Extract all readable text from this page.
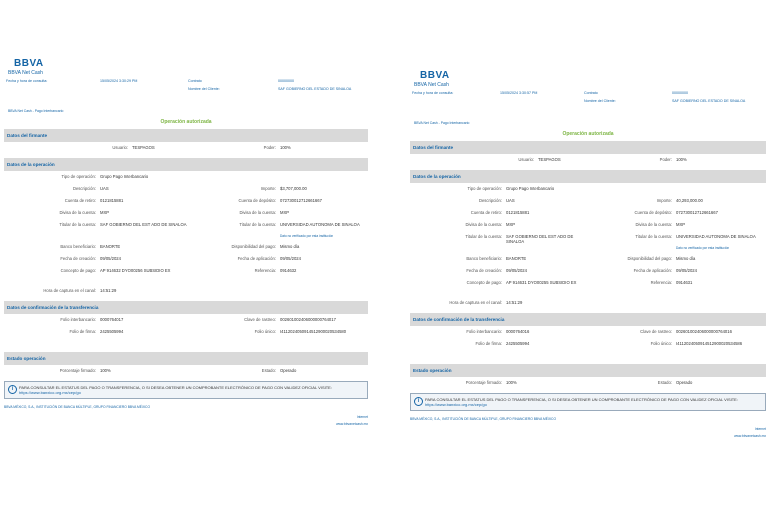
BBVA
BBVA Net Cash
Fecha y hora de consulta:	15/05/2024 3:30:29 PM	Contrato	00000000
Nombre del Cliente:	SAF GOBIERNO DEL ESTADO DE SINALOA
BBVA Net Cash - Pago Interbancario
Operación autorizada
Datos del firmante
Usuario: TESPAGOS	Poder: 100%
Datos de la operación
Tipo de operación: Grupo Pago Interbancario
Descripción: UAS	Importe: $3,707,000.00
Cuenta de retiro: 0121815881	Cuenta de depósito: 072730012712661667
Divisa de la cuenta: MXP	Divisa de la cuenta: MXP
Titular de la cuenta: SAF GOBIERNO DEL EST ADO DE SINALOA	Titular de la cuenta: UNIVERSIDAD AUTONOMA DE SINALOA
Dato no verificado por esta institución
Banco beneficiario: BANORTE	Disponibilidad del pago: Mismo día
Fecha de creación: 09/05/2024	Fecha de aplicación: 09/05/2024
Concepto de pago: AP 914632 DYO00256 SUBSIDIO EX	Referencia: 0914632
Hora de captura en el canal: 14:51:29
Datos de confirmación de la transferencia
Folio interbancario: 0000764017	Clave de rastreo: 002601002406000000764017
Folio de firma: 2425505994	Folio único: I4112024050914512900020534580
Estado operación
Porcentaje firmado: 100%	Estado: Operado
i	PARA CONSULTAR EL ESTATUS DEL PAGO O TRANSFERENCIA, O SI DESEA OBTENER UN COMPROBANTE ELECTRÓNICO DE PAGO CON VALIDEZ OFICIAL VISITE: https://www.banxico.org.mx/cep/go
BBVA MÉXICO, S.A., INSTITUCIÓN DE BANCA MÚLTIPLE, GRUPO FINANCIERO BBVA MÉXICO
Internet
www.bbvanetcash.mx
BBVA
BBVA Net Cash
Fecha y hora de consulta:	15/05/2024 3:30:57 PM	Contrato	00000000
Nombre del Cliente:	SAF GOBIERNO DEL ESTADO DE SINALOA
BBVA Net Cash - Pago Interbancario
Operación autorizada
Datos del firmante
Usuario: TESPAGOS	Poder: 100%
Datos de la operación
Tipo de operación: Grupo Pago Interbancario
Descripción: UAS	Importe: 40,293,000.00
Cuenta de retiro: 0121815881	Cuenta de depósito: 072730012712661667
Divisa de la cuenta: MXP	Divisa de la cuenta: MXP
Titular de la cuenta: SAF GOBIERNO DEL EST ADO DE SINALOA
Titular de la cuenta: UNIVERSIDAD AUTONOMA DE SINALOA
Dato no verificado por esta institución
Banco beneficiario: BANORTE	Disponibilidad del pago: Mismo día
Fecha de creación: 09/05/2024	Fecha de aplicación: 09/05/2024
Concepto de pago: AP 914631 DYO00255 SUBSIDIO EX	Referencia: 0914631
Hora de captura en el canal: 14:51:29
Datos de confirmación de la transferencia
Folio interbancario: 0000764016	Clave de rastreo: 002601002406000000764016
Folio de firma: 2425505994	Folio único: I4112024050914512900020534586
Estado operación
Porcentaje firmado: 100%	Estado: Operado
i	PARA CONSULTAR EL ESTATUS DEL PAGO O TRANSFERENCIA, O SI DESEA OBTENER UN COMPROBANTE ELECTRÓNICO DE PAGO CON VALIDEZ OFICIAL VISITE: https://www.banxico.org.mx/cep/go
BBVA MÉXICO, S.A., INSTITUCIÓN DE BANCA MÚLTIPLE, GRUPO FINANCIERO BBVA MÉXICO
Internet
www.bbvanetcash.mx
